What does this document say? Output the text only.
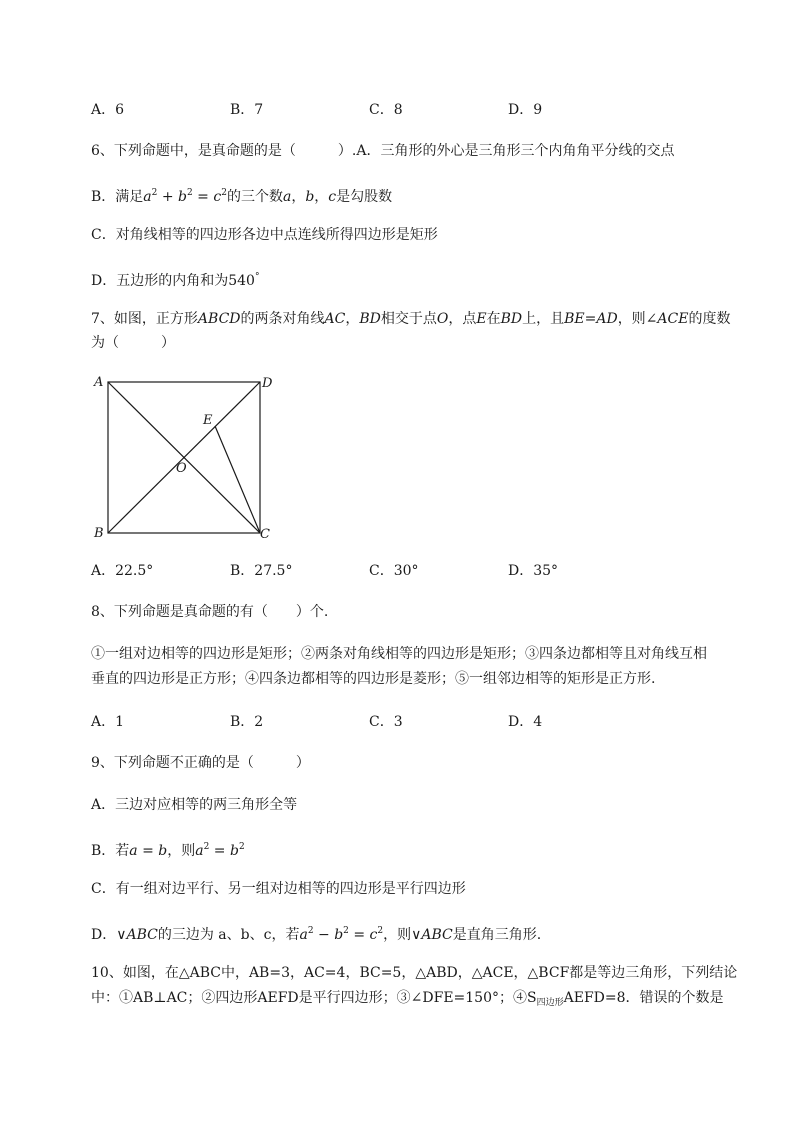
A．6	B．7	C．8	D．9
6、下列命题中，是真命题的是（　　　）.A．三角形的外心是三角形三个内角角平分线的交点
B．满足$a^2 + b^2 = c^2$的三个数a，b，c是勾股数
C．对角线相等的四边形各边中点连线所得四边形是矩形
D．五边形的内角和为540°
7、如图，正方形ABCD的两条对角线AC，BD相交于点O，点E在BD上，且BE=AD，则∠ACE的度数
为（　　　）
A	D
B	C
E
O
A．22.5°	B．27.5°	C．30°	D．35°
8、下列命题是真命题的有（　　）个.
①一组对边相等的四边形是矩形；②两条对角线相等的四边形是矩形；③四条边都相等且对角线互相
垂直的四边形是正方形；④四条边都相等的四边形是菱形；⑤一组邻边相等的矩形是正方形.
A．1	B．2	C．3	D．4
9、下列命题不正确的是（　　　）
A．三边对应相等的两三角形全等
B．若a = b，则$a^2 = b^2$
C．有一组对边平行、另一组对边相等的四边形是平行四边形
D．∨ABC的三边为 a、b、c，若$a^2 - b^2 = c^2$，则∨ABC是直角三角形.
10、如图，在△ABC中，AB=3，AC=4，BC=5，△ABD，△ACE，△BCF都是等边三角形，下列结论
中：①AB⊥AC；②四边形AEFD是平行四边形；③∠DFE=150°；$④S_{四边形}AEFD=8$．错误的个数是
